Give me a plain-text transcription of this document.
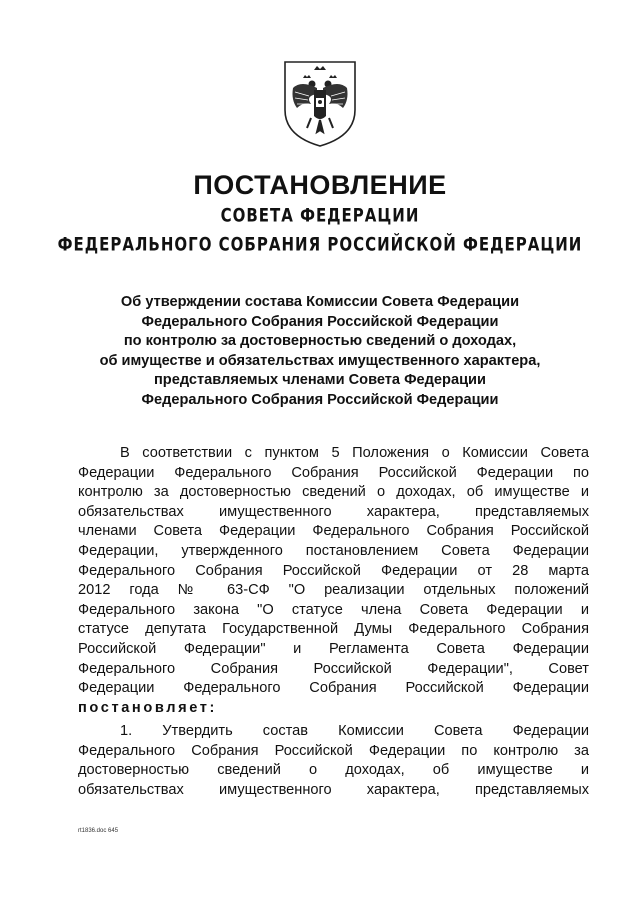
ПОСТАНОВЛЕНИЕ
СОВЕТА ФЕДЕРАЦИИ
ФЕДЕРАЛЬНОГО СОБРАНИЯ РОССИЙСКОЙ ФЕДЕРАЦИИ
Об утверждении состава Комиссии Совета Федерации
Федерального Собрания Российской Федерации
по контролю за достоверностью сведений о доходах,
об имуществе и обязательствах имущественного характера,
представляемых членами Совета Федерации
Федерального Собрания Российской Федерации
В соответствии с пунктом 5 Положения о Комиссии Совета
Федерации Федерального Собрания Российской Федерации по
контролю за достоверностью сведений о доходах, об имуществе и
обязательствах имущественного характера, представляемых
членами Совета Федерации Федерального Собрания Российской
Федерации, утвержденного постановлением Совета Федерации
Федерального Собрания Российской Федерации от 28 марта
2012 года № 63-СФ "О реализации отдельных положений
Федерального закона "О статусе члена Совета Федерации и
статусе депутата Государственной Думы Федерального Собрания
Российской Федерации" и Регламента Совета Федерации
Федерального Собрания Российской Федерации", Совет
Федерации Федерального Собрания Российской Федерации
постановляет:
1. Утвердить состав Комиссии Совета Федерации
Федерального Собрания Российской Федерации по контролю за
достоверностью сведений о доходах, об имуществе и
обязательствах имущественного характера, представляемых
rt1836.doc 645
